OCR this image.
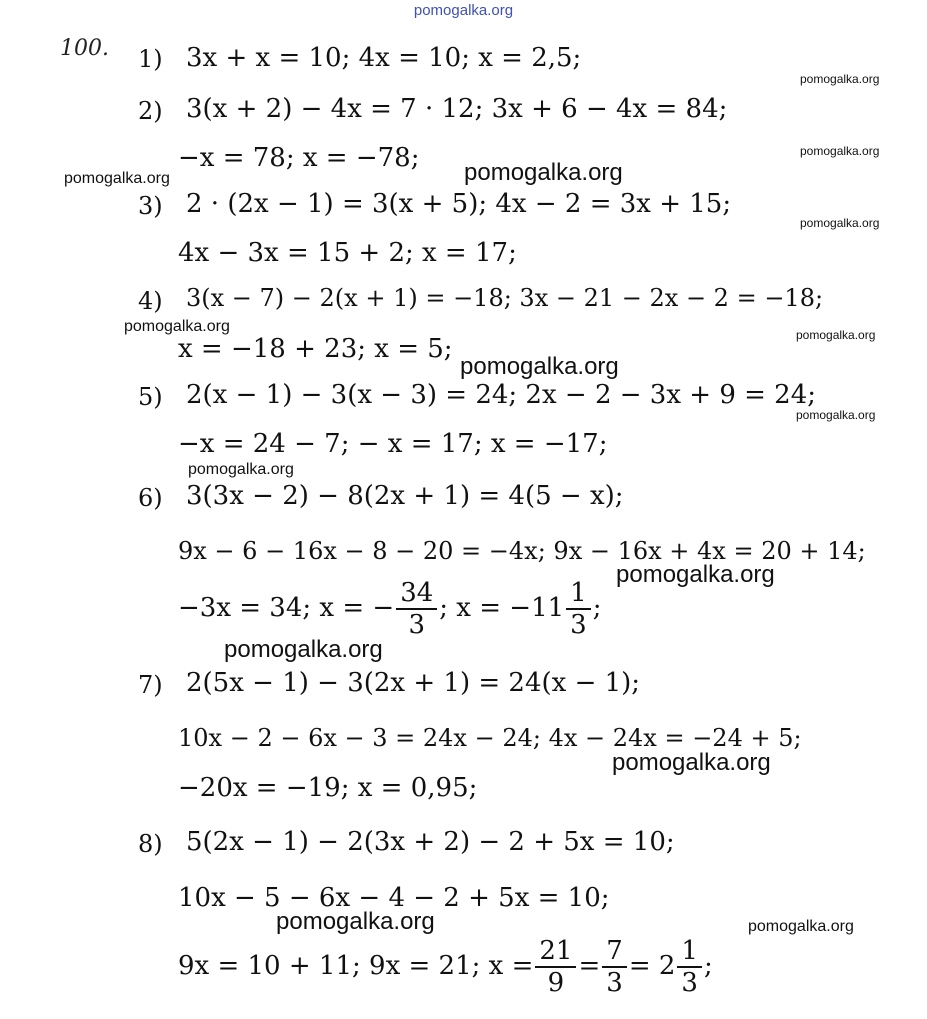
pomogalka.org
100. 1) 3x + x = 10; 4x = 10; x = 2,5;
2) 3(x + 2) − 4x = 7 · 12; 3x + 6 − 4x = 84;
−x = 78; x = −78;
3) 2 · (2x − 1) = 3(x + 5); 4x − 2 = 3x + 15;
4x − 3x = 15 + 2; x = 17;
4) 3(x − 7) − 2(x + 1) = −18; 3x − 21 − 2x − 2 = −18;
x = −18 + 23; x = 5;
5) 2(x − 1) − 3(x − 3) = 24; 2x − 2 − 3x + 9 = 24;
−x = 24 − 7; − x = 17; x = −17;
6) 3(3x − 2) − 8(2x + 1) = 4(5 − x);
9x − 6 − 16x − 8 − 20 = −4x; 9x − 16x + 4x = 20 + 14;
−3x = 34; x = − $\frac{34}{3}$ ; $x = -11 \frac{1}{3}$ ;
7) 2(5x − 1) − 3(2x + 1) = 24(x − 1);
10x − 2 − 6x − 3 = 24x − 24; 4x − 24x = −24 + 5;
−20x = −19; x = 0,95;
8) 5(2x − 1) − 2(3x + 2) − 2 + 5x = 10;
10x − 5 − 6x − 4 − 2 + 5x = 10;
9x = 10 + 11; 9x = 21; $x = \frac{21}{9} = \frac{7}{3} = 2 \frac{1}{3}$ ;
pomogalka.org
pomogalka.org
pomogalka.org	pomogalka.org
pomogalka.org
pomogalka.org	pomogalka.org
pomogalka.org
pomogalka.org
pomogalka.org
pomogalka.org
pomogalka.org
pomogalka.org
pomogalka.org	pomogalka.org
